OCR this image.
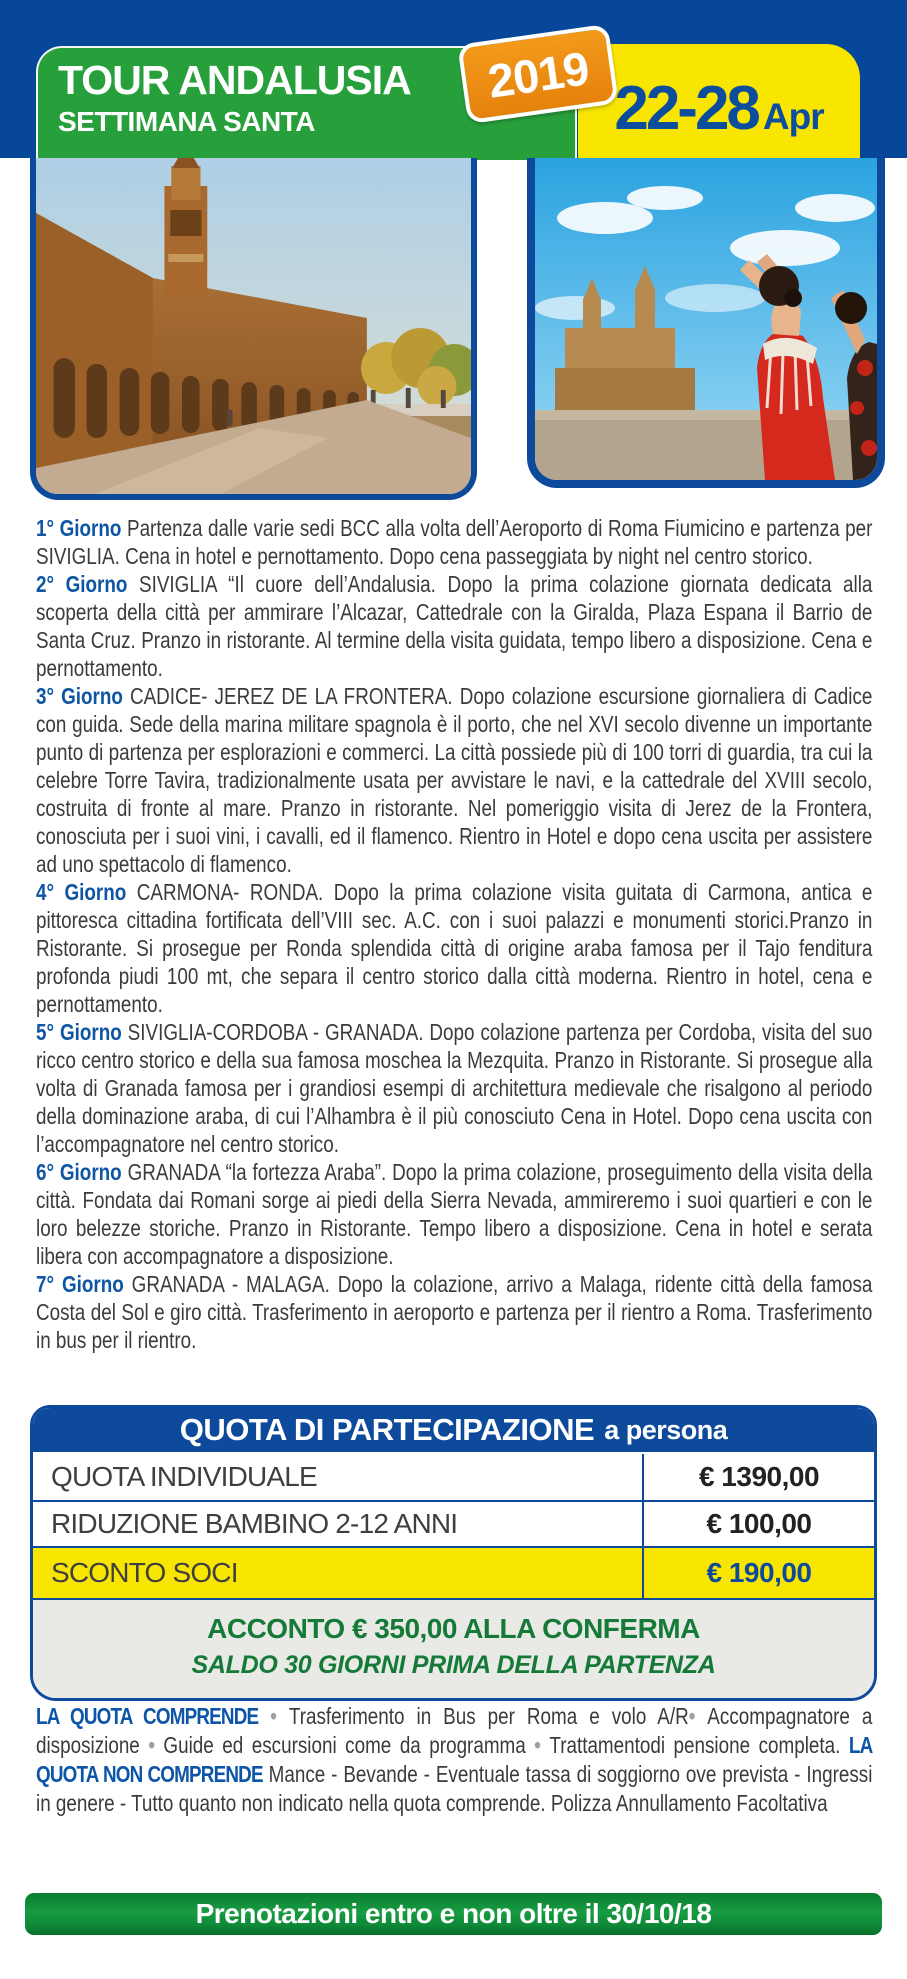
TOUR ANDALUSIA
SETTIMANA SANTA	22-28 Apr
2019

1° Giorno Partenza dalle varie sedi BCC alla volta dell’Aeroporto di Roma Fiumicino e partenza per SIVIGLIA. Cena in hotel e pernottamento. Dopo cena passeggiata by night nel centro storico.

2° Giorno SIVIGLIA “Il cuore dell’Andalusia. Dopo la prima colazione giornata dedicata alla scoperta della città per ammirare l’Alcazar, Cattedrale con la Giralda, Plaza Espana il Barrio de Santa Cruz. Pranzo in ristorante. Al termine della visita guidata, tempo libero a disposizione. Cena e pernottamento.

3° Giorno CADICE- JEREZ DE LA FRONTERA. Dopo colazione escursione giornaliera di Cadice con guida. Sede della marina militare spagnola è il porto, che nel XVI secolo divenne un importante punto di partenza per esplorazioni e commerci. La città possiede più di 100 torri di guardia, tra cui la celebre Torre Tavira, tradizionalmente usata per avvistare le navi, e la cattedrale del XVIII secolo, costruita di fronte al mare. Pranzo in ristorante. Nel pomeriggio visita di Jerez de la Frontera, conosciuta per i suoi vini, i cavalli, ed il flamenco. Rientro in Hotel e dopo cena uscita per assistere ad uno spettacolo di flamenco.

4° Giorno CARMONA- RONDA. Dopo la prima colazione visita guitata di Carmona, antica e pittoresca cittadina fortificata dell’VIII sec. A.C. con i suoi palazzi e monumenti storici.Pranzo in Ristorante. Si prosegue per Ronda splendida città di origine araba famosa per il Tajo fenditura profonda piudi 100 mt, che separa il centro storico dalla città moderna. Rientro in hotel, cena e pernottamento.

5° Giorno SIVIGLIA-CORDOBA - GRANADA. Dopo colazione partenza per Cordoba, visita del suo ricco centro storico e della sua famosa moschea la Mezquita. Pranzo in Ristorante. Si prosegue alla volta di Granada famosa per i grandiosi esempi di architettura medievale che risalgono al periodo della dominazione araba, di cui l’Alhambra è il più conosciuto Cena in Hotel. Dopo cena uscita con l’accompagnatore nel centro storico.

6° Giorno GRANADA “la fortezza Araba”. Dopo la prima colazione, proseguimento della visita della città. Fondata dai Romani sorge ai piedi della Sierra Nevada, ammireremo i suoi quartieri e con le loro belezze storiche. Pranzo in Ristorante. Tempo libero a disposizione. Cena in hotel e serata libera con accompagnatore a disposizione.

7° Giorno GRANADA - MALAGA. Dopo la colazione, arrivo a Malaga, ridente città della famosa Costa del Sol e giro città. Trasferimento in aeroporto e partenza per il rientro a Roma. Trasferimento in bus per il rientro.

QUOTA DI PARTECIPAZIONE a persona
QUOTA INDIVIDUALE	€ 1390,00
RIDUZIONE BAMBINO 2-12 ANNI	€ 100,00
SCONTO SOCI	€ 190,00
ACCONTO € 350,00 ALLA CONFERMA
SALDO 30 GIORNI PRIMA DELLA PARTENZA

LA QUOTA COMPRENDE • Trasferimento in Bus per Roma e volo A/R• Accompagnatore a disposizione • Guide ed escursioni come da programma • Trattamentodi pensione completa. LA QUOTA NON COMPRENDE Mance - Bevande - Eventuale tassa di soggiorno ove prevista - Ingressi in genere - Tutto quanto non indicato nella quota comprende. Polizza Annullamento Facoltativa

Prenotazioni entro e non oltre il 30/10/18
